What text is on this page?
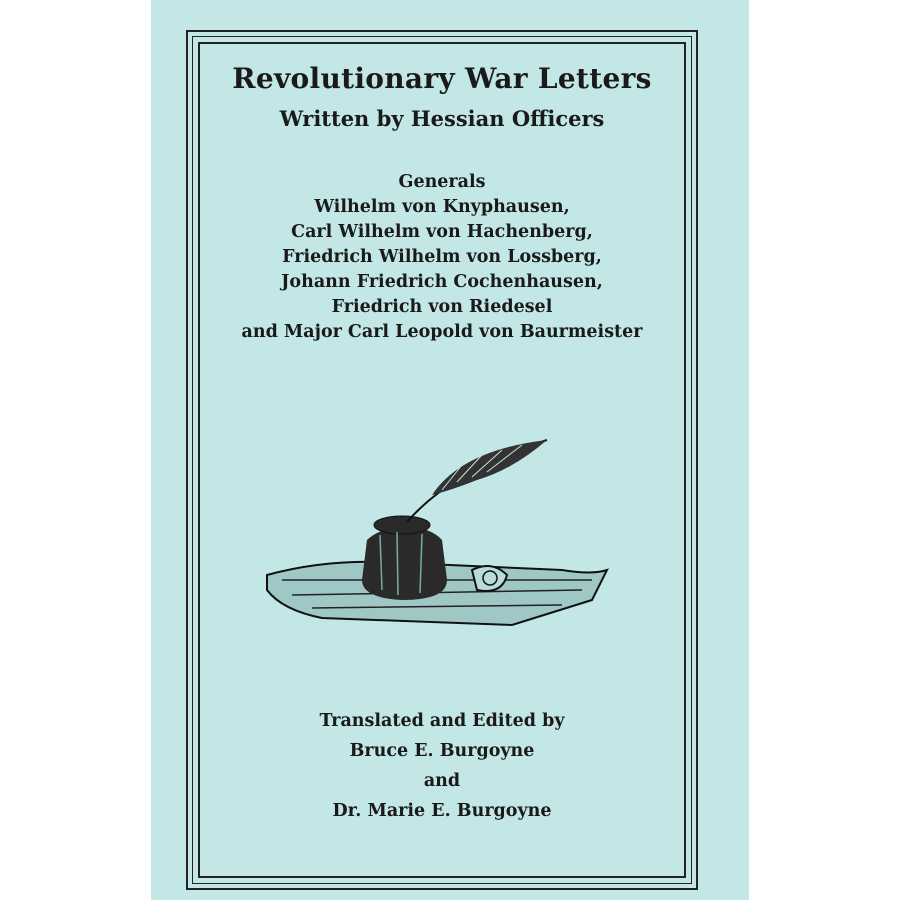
Revolutionary War Letters
Written by Hessian Officers
Generals
Wilhelm von Knyphausen,
Carl Wilhelm von Hachenberg,
Friedrich Wilhelm von Lossberg,
Johann Friedrich Cochenhausen,
Friedrich von Riedesel
and Major Carl Leopold von Baurmeister
Translated and Edited by
Bruce E. Burgoyne
and
Dr. Marie E. Burgoyne
